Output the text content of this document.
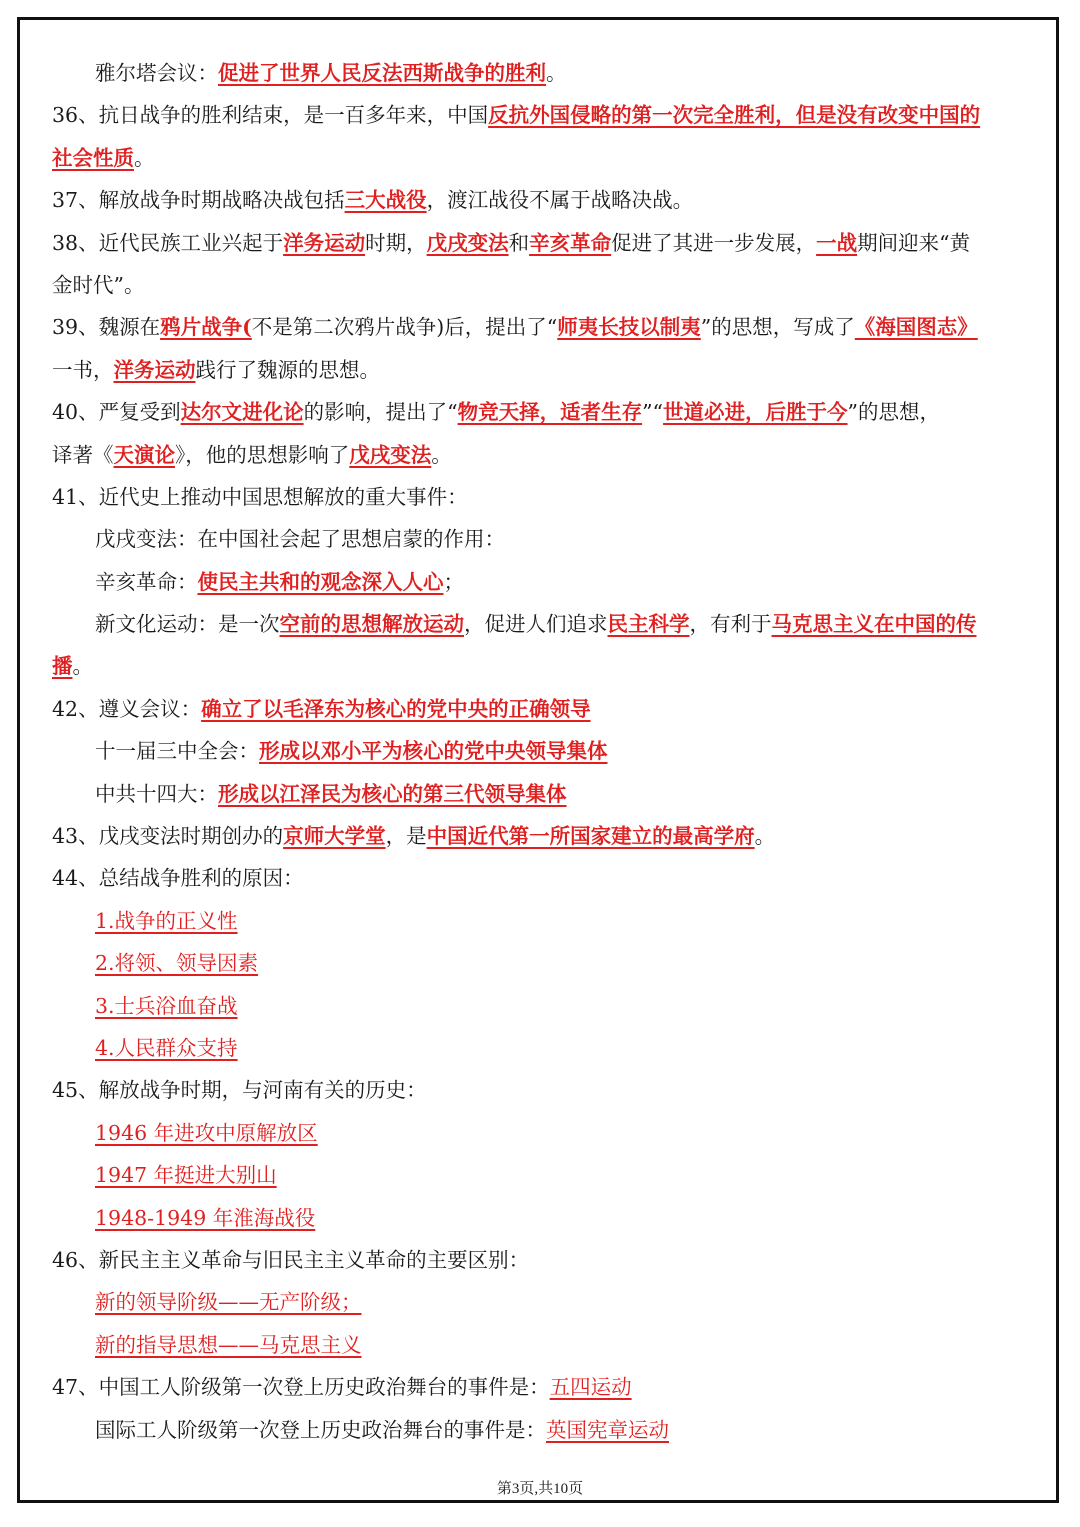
雅尔塔会议：促进了世界人民反法西斯战争的胜利。
36、抗日战争的胜利结束，是一百多年来，中国反抗外国侵略的第一次完全胜利，但是没有改变中国的
社会性质。
37、解放战争时期战略决战包括三大战役，渡江战役不属于战略决战。
38、近代民族工业兴起于洋务运动时期，戊戌变法和辛亥革命促进了其进一步发展，一战期间迎来“黄
金时代”。
39、魏源在鸦片战争(不是第二次鸦片战争)后，提出了“师夷长技以制夷”的思想，写成了《海国图志》
一书，洋务运动践行了魏源的思想。
40、严复受到达尔文进化论的影响，提出了“物竞天择，适者生存”“世道必进，后胜于今”的思想，
译著《天演论》，他的思想影响了戊戌变法。
41、近代史上推动中国思想解放的重大事件：
戊戌变法：在中国社会起了思想启蒙的作用：
辛亥革命：使民主共和的观念深入人心；
新文化运动：是一次空前的思想解放运动，促进人们追求民主科学，有利于马克思主义在中国的传
播。
42、遵义会议：确立了以毛泽东为核心的党中央的正确领导
十一届三中全会：形成以邓小平为核心的党中央领导集体
中共十四大：形成以江泽民为核心的第三代领导集体
43、戊戌变法时期创办的京师大学堂，是中国近代第一所国家建立的最高学府。
44、总结战争胜利的原因：
1.战争的正义性
2.将领、领导因素
3.士兵浴血奋战
4.人民群众支持
45、解放战争时期，与河南有关的历史：
1946 年进攻中原解放区
1947 年挺进大别山
1948-1949 年淮海战役
46、新民主主义革命与旧民主主义革命的主要区别：
新的领导阶级——无产阶级；
新的指导思想——马克思主义
47、中国工人阶级第一次登上历史政治舞台的事件是：五四运动
国际工人阶级第一次登上历史政治舞台的事件是：英国宪章运动
第3页,共10页
